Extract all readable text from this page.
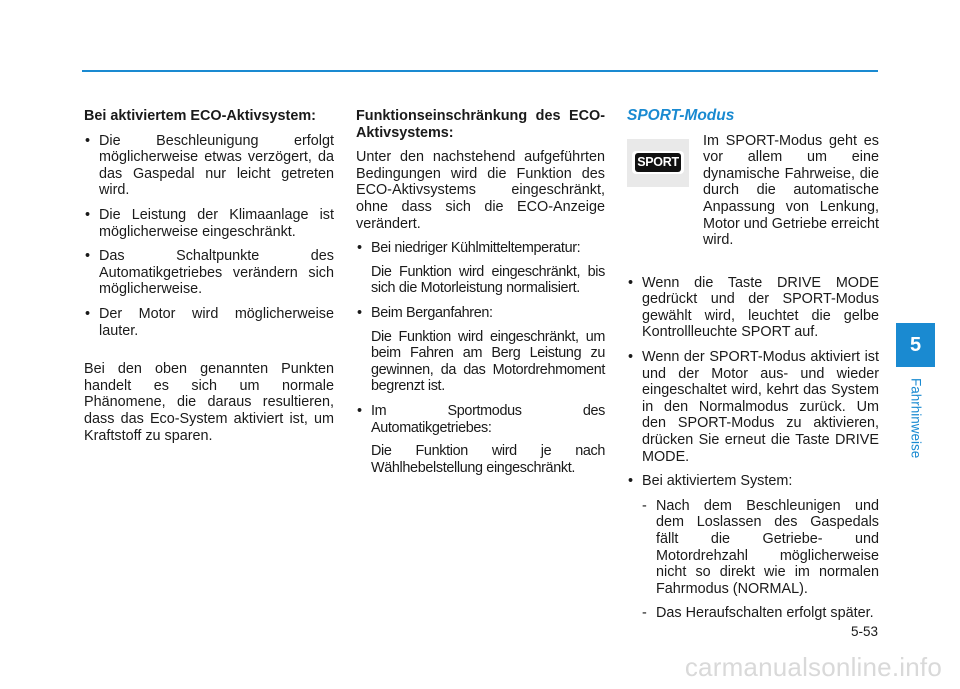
Bei aktiviertem ECO-Aktivsystem:

• Die Beschleunigung erfolgt möglicherweise etwas verzögert, da das Gaspedal nur leicht getreten wird.
• Die Leistung der Klimaanlage ist möglicherweise eingeschränkt.
• Das Schaltpunkte des Automatikgetriebes verändern sich möglicherweise.
• Der Motor wird möglicherweise lauter.

Bei den oben genannten Punkten handelt es sich um normale Phänomene, die daraus resultieren, dass das Eco-System aktiviert ist, um Kraftstoff zu sparen.

Funktionseinschränkung des ECO-Aktivsystems:

Unter den nachstehend aufgeführten Bedingungen wird die Funktion des ECO-Aktivsystems eingeschränkt, ohne dass sich die ECO-Anzeige verändert.

• Bei niedriger Kühlmitteltemperatur:

Die Funktion wird eingeschränkt, bis sich die Motorleistung normalisiert.

• Beim Berganfahren:

Die Funktion wird eingeschränkt, um beim Fahren am Berg Leistung zu gewinnen, da das Motordrehmoment begrenzt ist.

• Im Sportmodus des Automatikgetriebes:

Die Funktion wird je nach Wählhebelstellung eingeschränkt.

SPORT-Modus

SPORT

Im SPORT-Modus geht es vor allem um eine dynamische Fahrweise, die durch die automatische Anpassung von Lenkung, Motor und Getriebe erreicht wird.

• Wenn die Taste DRIVE MODE gedrückt und der SPORT-Modus gewählt wird, leuchtet die gelbe Kontrollleuchte SPORT auf.
• Wenn der SPORT-Modus aktiviert ist und der Motor aus- und wieder eingeschaltet wird, kehrt das System in den Normalmodus zurück. Um den SPORT-Modus zu aktivieren, drücken Sie erneut die Taste DRIVE MODE.
• Bei aktiviertem System:
- Nach dem Beschleunigen und dem Loslassen des Gaspedals fällt die Getriebe- und Motordrehzahl möglicherweise nicht so direkt wie im normalen Fahrmodus (NORMAL).
- Das Heraufschalten erfolgt später.
5
Fahrhinweise
5-53
carmanualsonline.info
